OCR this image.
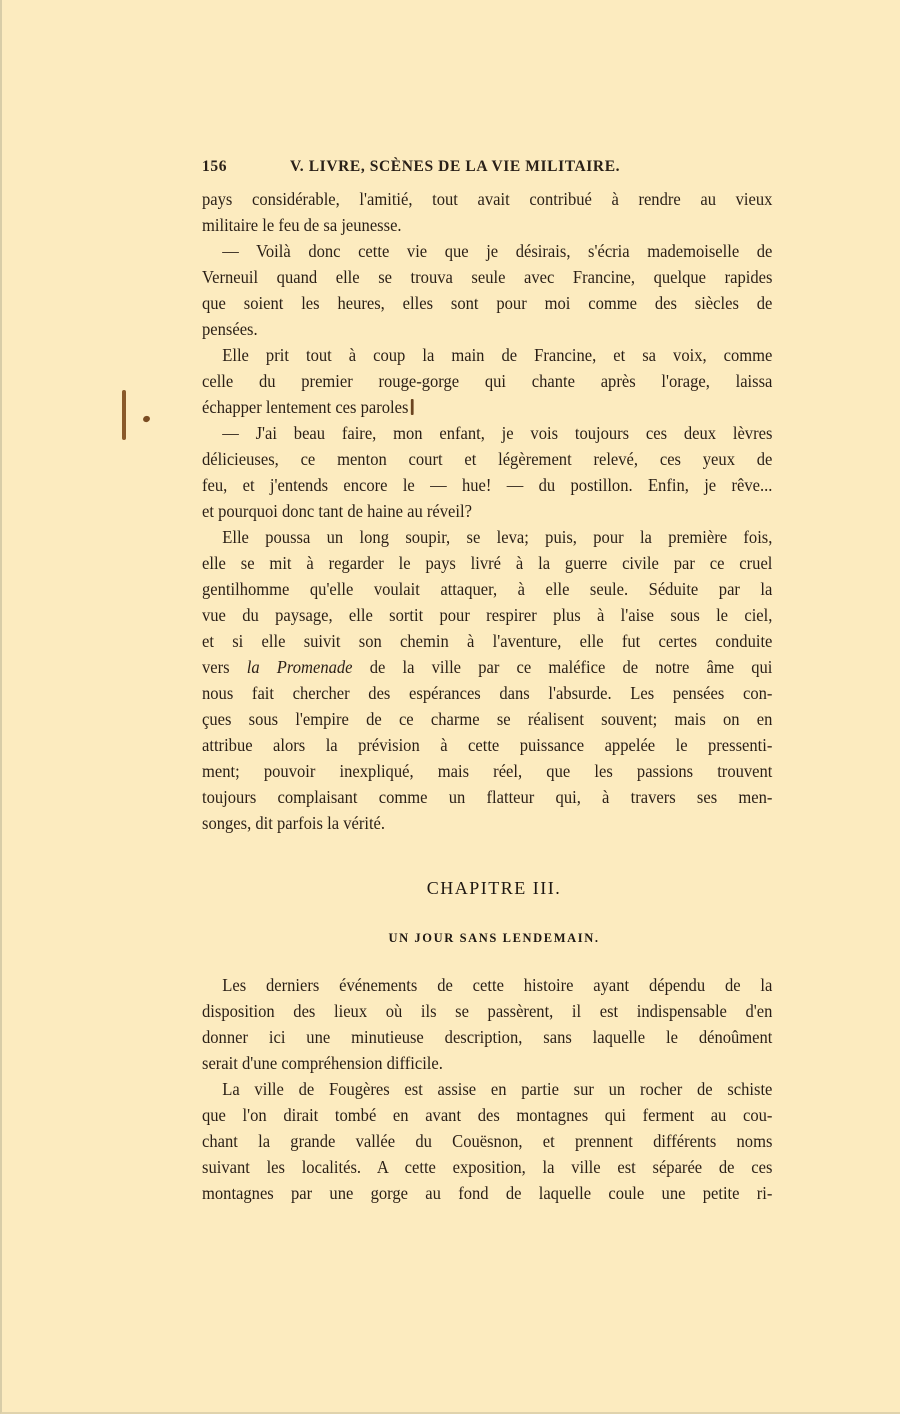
156	V. LIVRE, SCÈNES DE LA VIE MILITAIRE.
pays considérable, l'amitié, tout avait contribué à rendre au vieux
militaire le feu de sa jeunesse.
— Voilà donc cette vie que je désirais, s'écria mademoiselle de
Verneuil quand elle se trouva seule avec Francine, quelque rapides
que soient les heures, elles sont pour moi comme des siècles de
pensées.
Elle prit tout à coup la main de Francine, et sa voix, comme
celle du premier rouge-gorge qui chante après l'orage, laissa
échapper lentement ces paroles
— J'ai beau faire, mon enfant, je vois toujours ces deux lèvres
délicieuses, ce menton court et légèrement relevé, ces yeux de
feu, et j'entends encore le — hue! — du postillon. Enfin, je rêve...
et pourquoi donc tant de haine au réveil?
Elle poussa un long soupir, se leva; puis, pour la première fois,
elle se mit à regarder le pays livré à la guerre civile par ce cruel
gentilhomme qu'elle voulait attaquer, à elle seule. Séduite par la
vue du paysage, elle sortit pour respirer plus à l'aise sous le ciel,
et si elle suivit son chemin à l'aventure, elle fut certes conduite
vers la Promenade de la ville par ce maléfice de notre âme qui
nous fait chercher des espérances dans l'absurde. Les pensées con-
çues sous l'empire de ce charme se réalisent souvent; mais on en
attribue alors la prévision à cette puissance appelée le pressenti-
ment; pouvoir inexpliqué, mais réel, que les passions trouvent
toujours complaisant comme un flatteur qui, à travers ses men-
songes, dit parfois la vérité.
CHAPITRE III.
UN JOUR SANS LENDEMAIN.
Les derniers événements de cette histoire ayant dépendu de la
disposition des lieux où ils se passèrent, il est indispensable d'en
donner ici une minutieuse description, sans laquelle le dénoûment
serait d'une compréhension difficile.
La ville de Fougères est assise en partie sur un rocher de schiste
que l'on dirait tombé en avant des montagnes qui ferment au cou-
chant la grande vallée du Couësnon, et prennent différents noms
suivant les localités. A cette exposition, la ville est séparée de ces
montagnes par une gorge au fond de laquelle coule une petite ri-
